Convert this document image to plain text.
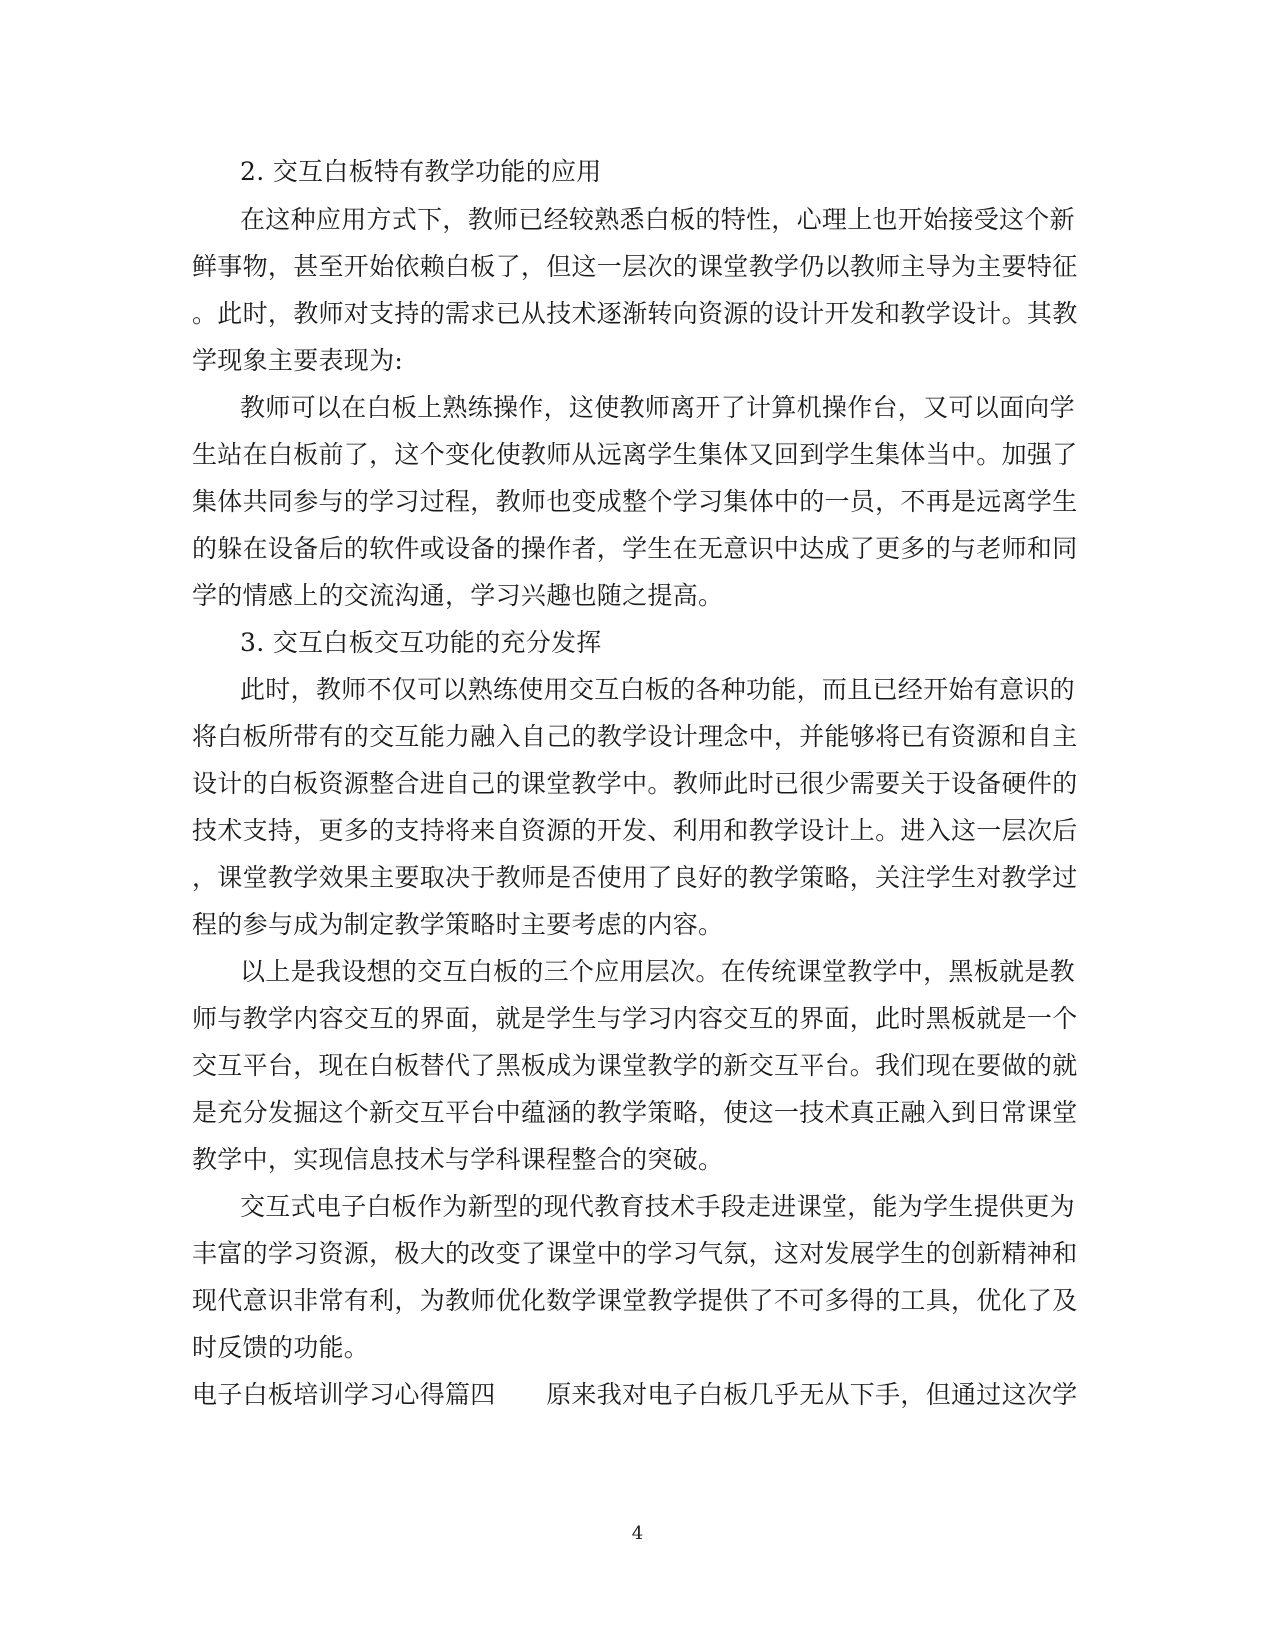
2. 交互白板特有教学功能的应用
在这种应用方式下，教师已经较熟悉白板的特性，心理上也开始接受这个新
鲜事物，甚至开始依赖白板了，但这一层次的课堂教学仍以教师主导为主要特征
。此时，教师对支持的需求已从技术逐渐转向资源的设计开发和教学设计。其教
学现象主要表现为:
教师可以在白板上熟练操作，这使教师离开了计算机操作台，又可以面向学
生站在白板前了，这个变化使教师从远离学生集体又回到学生集体当中。加强了
集体共同参与的学习过程，教师也变成整个学习集体中的一员，不再是远离学生
的躲在设备后的软件或设备的操作者，学生在无意识中达成了更多的与老师和同
学的情感上的交流沟通，学习兴趣也随之提高。
3. 交互白板交互功能的充分发挥
此时，教师不仅可以熟练使用交互白板的各种功能，而且已经开始有意识的
将白板所带有的交互能力融入自己的教学设计理念中，并能够将已有资源和自主
设计的白板资源整合进自己的课堂教学中。教师此时已很少需要关于设备硬件的
技术支持，更多的支持将来自资源的开发、利用和教学设计上。进入这一层次后
，课堂教学效果主要取决于教师是否使用了良好的教学策略，关注学生对教学过
程的参与成为制定教学策略时主要考虑的内容。
以上是我设想的交互白板的三个应用层次。在传统课堂教学中，黑板就是教
师与教学内容交互的界面，就是学生与学习内容交互的界面，此时黑板就是一个
交互平台，现在白板替代了黑板成为课堂教学的新交互平台。我们现在要做的就
是充分发掘这个新交互平台中蕴涵的教学策略，使这一技术真正融入到日常课堂
教学中，实现信息技术与学科课程整合的突破。
交互式电子白板作为新型的现代教育技术手段走进课堂，能为学生提供更为
丰富的学习资源，极大的改变了课堂中的学习气氛，这对发展学生的创新精神和
现代意识非常有利，为教师优化数学课堂教学提供了不可多得的工具，优化了及
时反馈的功能。
电子白板培训学习心得篇四　　原来我对电子白板几乎无从下手，但通过这次学
4
